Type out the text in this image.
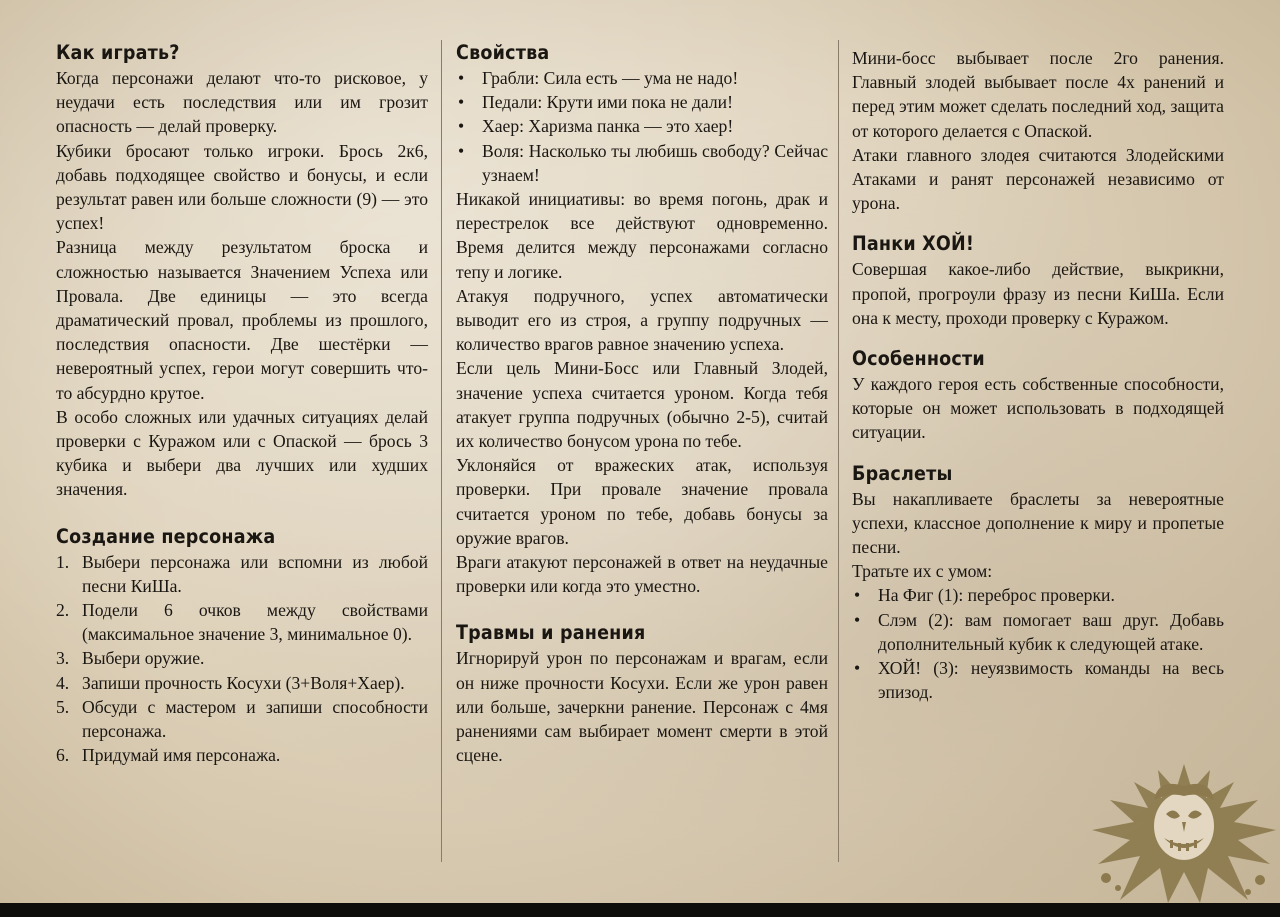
Как играть?

Когда персонажи делают что-то рисковое, у неудачи есть последствия или им грозит опасность — делай проверку.

Кубики бросают только игроки. Брось 2к6, добавь подходящее свойство и бонусы, и если результат равен или больше сложности (9) — это успех!

Разница между результатом броска и сложностью называется Значением Успеха или Провала. Две единицы — это всегда драматический провал, проблемы из прошлого, последствия опасности. Две шестёрки — невероятный успех, герои могут совершить что-то абсурдно крутое.

В особо сложных или удачных ситуациях делай проверки с Куражом или с Опаской — брось 3 кубика и выбери два лучших или худших значения.

Создание персонажа
1. Выбери персонажа или вспомни из любой песни КиШа.
2. Подели 6 очков между свойствами (максимальное значение 3, минимальное 0).
3. Выбери оружие.
4. Запиши прочность Косухи (3+Воля+Хаер).
5. Обсуди с мастером и запиши способности персонажа.
6. Придумай имя персонажа.
Свойства
• Грабли: Сила есть — ума не надо!
• Педали: Крути ими пока не дали!
• Хаер: Харизма панка — это хаер!
• Воля: Насколько ты любишь свободу? Сейчас узнаем!

Никакой инициативы: во время погонь, драк и перестрелок все действуют одновременно. Время делится между персонажами согласно тепу и логике.

Атакуя подручного, успех автоматически выводит его из строя, а группу подручных — количество врагов равное значению успеха.

Если цель Мини-Босс или Главный Злодей, значение успеха считается уроном. Когда тебя атакует группа подручных (обычно 2-5), считай их количество бонусом урона по тебе.

Уклоняйся от вражеских атак, используя проверки. При провале значение провала считается уроном по тебе, добавь бонусы за оружие врагов.

Враги атакуют персонажей в ответ на неудачные проверки или когда это уместно.

Травмы и ранения

Игнорируй урон по персонажам и врагам, если он ниже прочности Косухи. Если же урон равен или больше, зачеркни ранение. Персонаж с 4мя ранениями сам выбирает момент смерти в этой сцене.

Мини-босс выбывает после 2го ранения. Главный злодей выбывает после 4х ранений и перед этим может сделать последний ход, защита от которого делается с Опаской.

Атаки главного злодея считаются Злодейскими Атаками и ранят персонажей независимо от урона.

Панки ХОЙ!

Совершая какое-либо действие, выкрикни, пропой, прогроули фразу из песни КиШа. Если она к месту, проходи проверку с Куражом.

Особенности

У каждого героя есть собственные способности, которые он может использовать в подходящей ситуации.

Браслеты

Вы накапливаете браслеты за невероятные успехи, классное дополнение к миру и пропетые песни.

Тратьте их с умом:

• На Фиг (1): переброс проверки.
• Слэм (2): вам помогает ваш друг. Добавь дополнительный кубик к следующей атаке.
• ХОЙ! (3): неуязвимость команды на весь эпизод.
